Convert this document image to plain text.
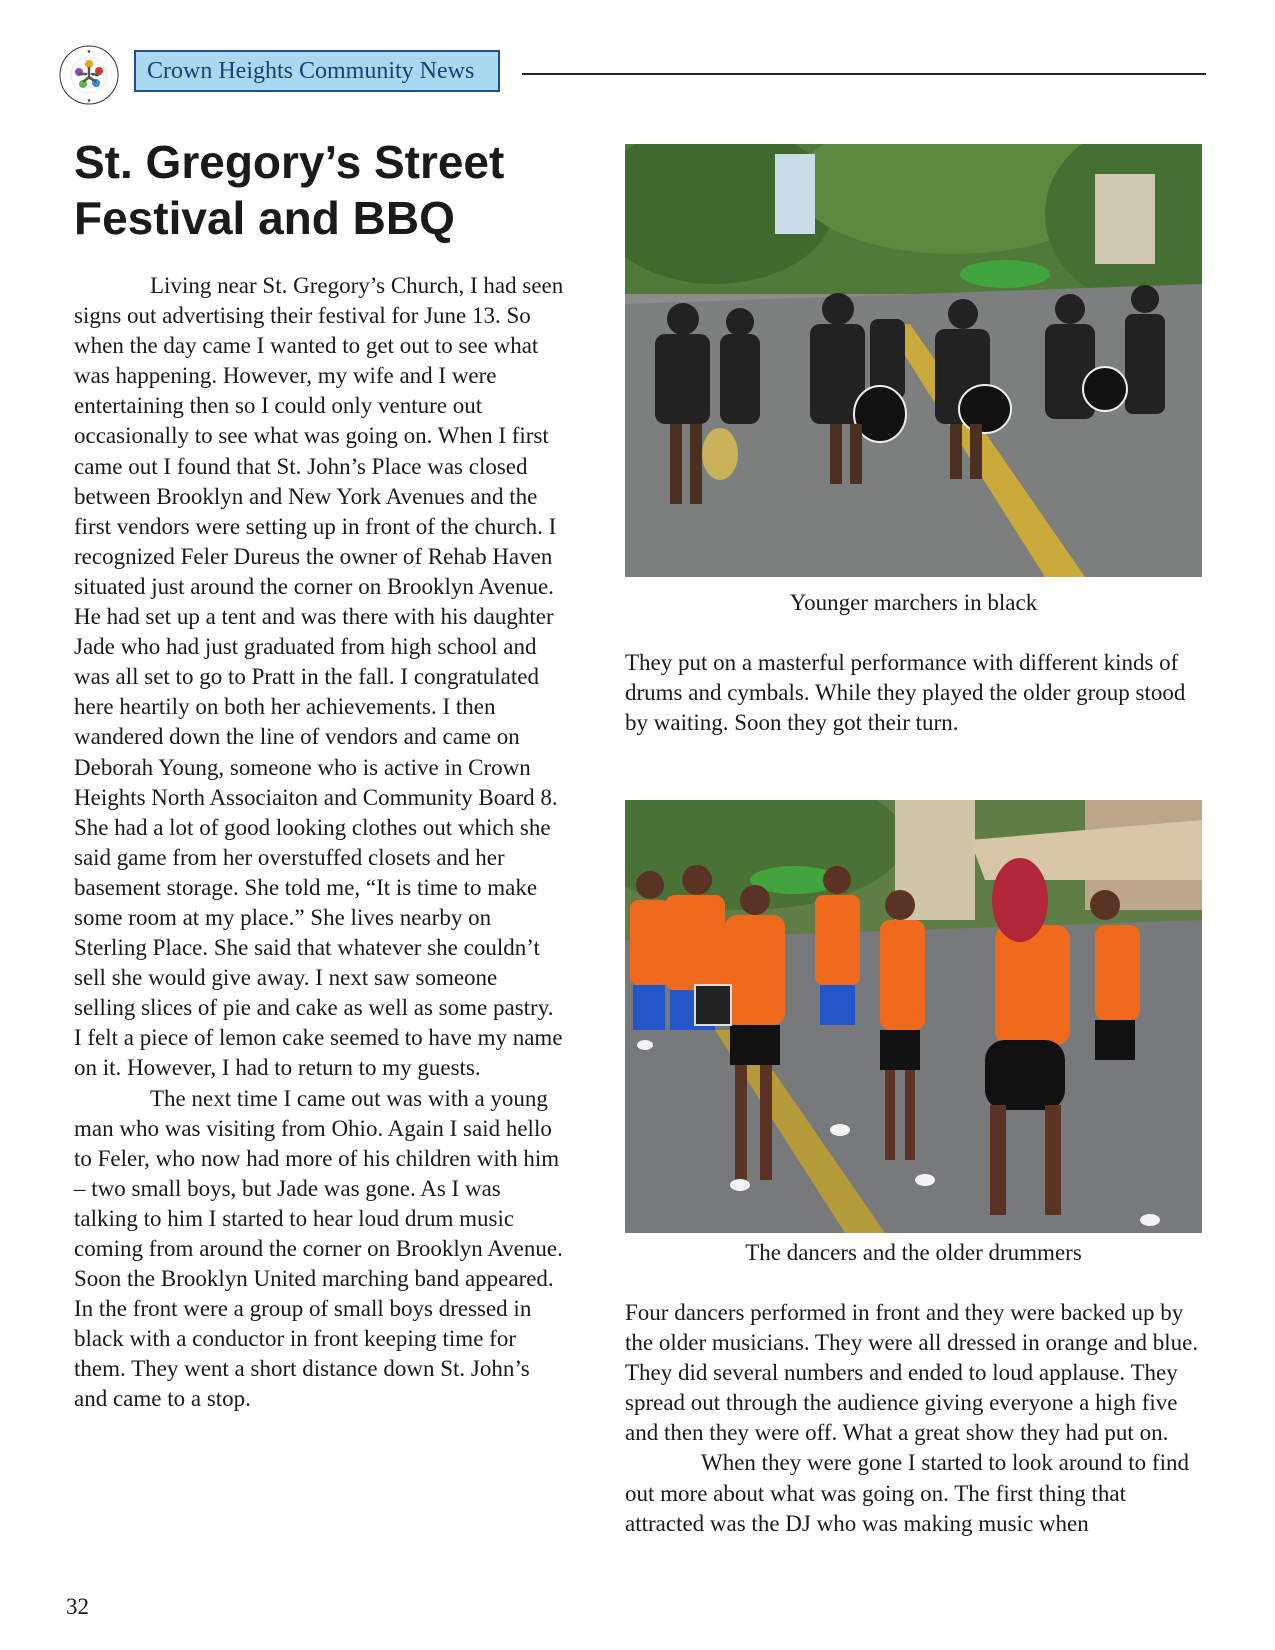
★
★
Crown Heights Community News
St. Gregory’s Street Festival and BBQ

Living near St. Gregory’s Church, I had seen signs out advertising their festival for June 13. So when the day came I wanted to get out to see what was happening. However, my wife and I were entertaining then so I could only venture out occasionally to see what was going on. When I first came out I found that St. John’s Place was closed between Brooklyn and New York Avenues and the first vendors were setting up in front of the church. I recognized Feler Dureus the owner of Rehab Haven situated just around the corner on Brooklyn Avenue. He had set up a tent and was there with his daughter Jade who had just graduated from high school and was all set to go to Pratt in the fall. I congratulated here heartily on both her achievements. I then wandered down the line of vendors and came on Deborah Young, someone who is active in Crown Heights North Associaiton and Community Board 8. She had a lot of good looking clothes out which she said game from her overstuffed closets and her basement storage. She told me, “It is time to make some room at my place.” She lives nearby on Sterling Place. She said that whatever she couldn’t sell she would give away. I next saw someone selling slices of pie and cake as well as some pastry. I felt a piece of lemon cake seemed to have my name on it. However, I had to return to my guests.

The next time I came out was with a young man who was visiting from Ohio. Again I said hello to Feler, who now had more of his children with him – two small boys, but Jade was gone. As I was talking to him I started to hear loud drum music coming from around the corner on Brooklyn Avenue. Soon the Brooklyn United marching band appeared. In the front were a group of small boys dressed in black with a conductor in front keeping time for them. They went a short distance down St. John’s and came to a stop.

Younger marchers in black

They put on a masterful performance with different kinds of drums and cymbals. While they played the older group stood by waiting. Soon they got their turn.

The dancers and the older drummers

Four dancers performed in front and they were backed up by the older musicians. They were all dressed in orange and blue. They did several numbers and ended to loud applause. They spread out through the audience giving everyone a high five and then they were off. What a great show they had put on.

When they were gone I started to look around to find out more about what was going on. The first thing that attracted was the DJ who was making music when

32
